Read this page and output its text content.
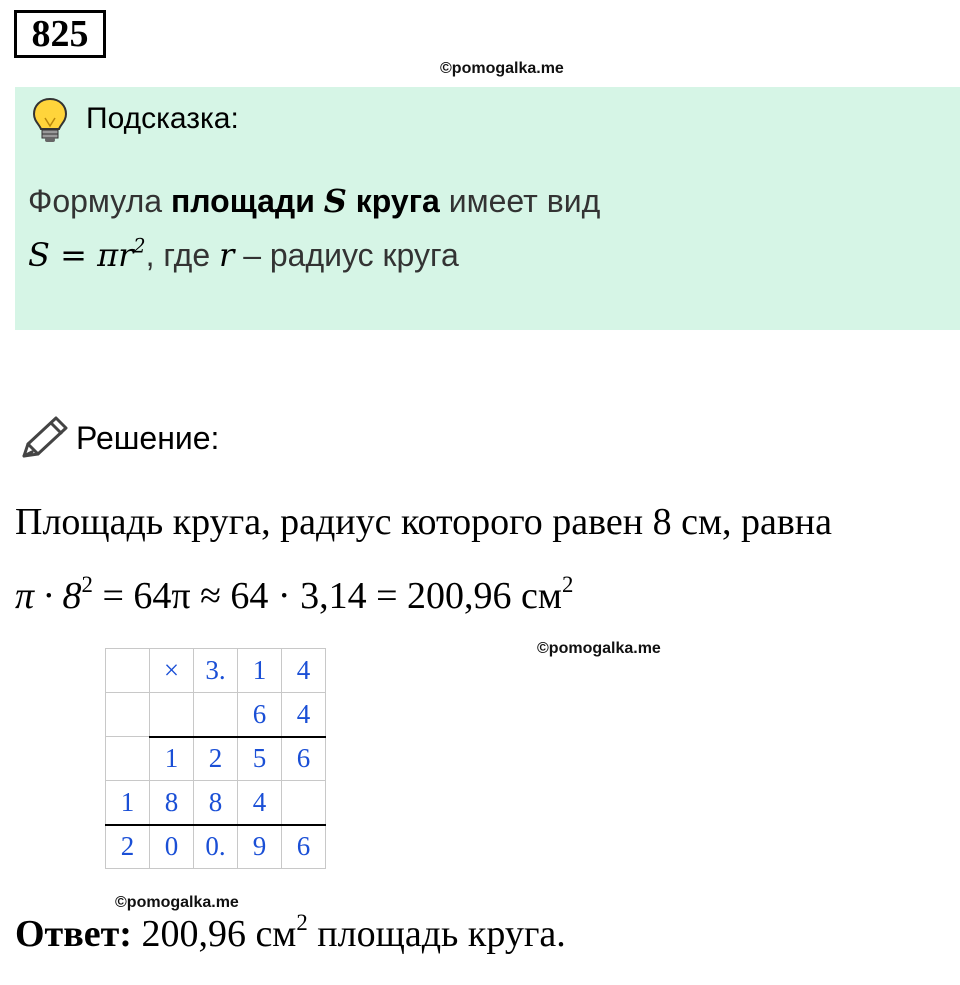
825
©pomogalka.me
Подсказка:
Формула площади S круга имеет вид
$S = \pi r^2$, где r – радиус круга
Решение:
Площадь круга, радиус которого равен 8 см, равна
$\pi \cdot 8^2 = 64\pi \approx 64 \cdot 3,14 = 200,96$ $см^2$
©pomogalka.me
	×	3.	1	4
			6	4
	1	2	5	6
1	8	8	4	
2	0	0.	9	6
©pomogalka.me
Ответ: 200,96 $см^2$ площадь круга.
